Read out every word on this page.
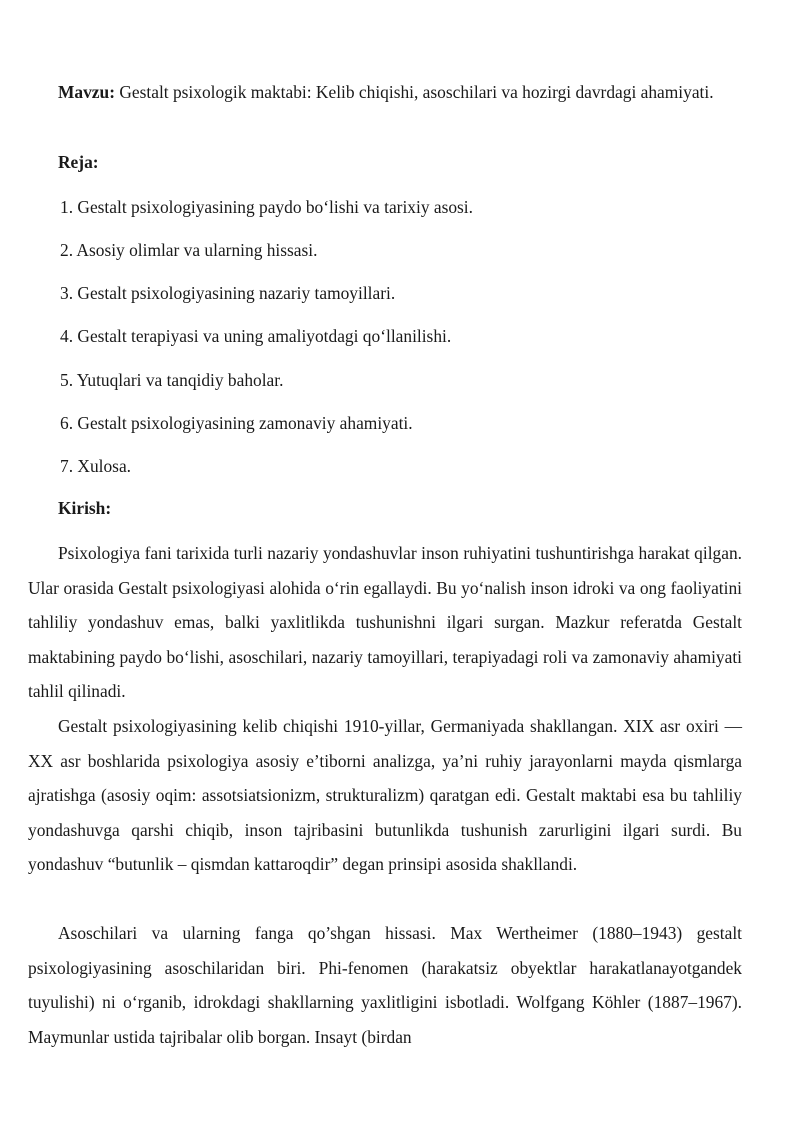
Mavzu: Gestalt psixologik maktabi: Kelib chiqishi, asoschilari va hozirgi davrdagi ahamiyati.

Reja:

1. Gestalt psixologiyasining paydo bo‘lishi va tarixiy asosi.
2. Asosiy olimlar va ularning hissasi.
3. Gestalt psixologiyasining nazariy tamoyillari.
4. Gestalt terapiyasi va uning amaliyotdagi qo‘llanilishi.
5. Yutuqlari va tanqidiy baholar.
6. Gestalt psixologiyasining zamonaviy ahamiyati.
7. Xulosa.

Kirish:

Psixologiya fani tarixida turli nazariy yondashuvlar inson ruhiyatini tushuntirishga harakat qilgan. Ular orasida Gestalt psixologiyasi alohida o‘rin egallaydi. Bu yo‘nalish inson idroki va ong faoliyatini tahliliy yondashuv emas, balki yaxlitlikda tushunishni ilgari surgan. Mazkur referatda Gestalt maktabining paydo bo‘lishi, asoschilari, nazariy tamoyillari, terapiyadagi roli va zamonaviy ahamiyati tahlil qilinadi.

Gestalt psixologiyasining kelib chiqishi 1910-yillar, Germaniyada shakllangan. XIX asr oxiri — XX asr boshlarida psixologiya asosiy e’tiborni analizga, ya’ni ruhiy jarayonlarni mayda qismlarga ajratishga (asosiy oqim: assotsiatsionizm, strukturalizm) qaratgan edi. Gestalt maktabi esa bu tahliliy yondashuvga qarshi chiqib, inson tajribasini butunlikda tushunish zarurligini ilgari surdi. Bu yondashuv “butunlik – qismdan kattaroqdir” degan prinsipi asosida shakllandi.

Asoschilari va ularning fanga qo’shgan hissasi. Max Wertheimer (1880–1943) gestalt psixologiyasining asoschilaridan biri. Phi-fenomen (harakatsiz obyektlar harakatlanayotgandek tuyulishi) ni o‘rganib, idrokdagi shakllarning yaxlitligini isbotladi. Wolfgang Köhler (1887–1967). Maymunlar ustida tajribalar olib borgan. Insayt (birdan
